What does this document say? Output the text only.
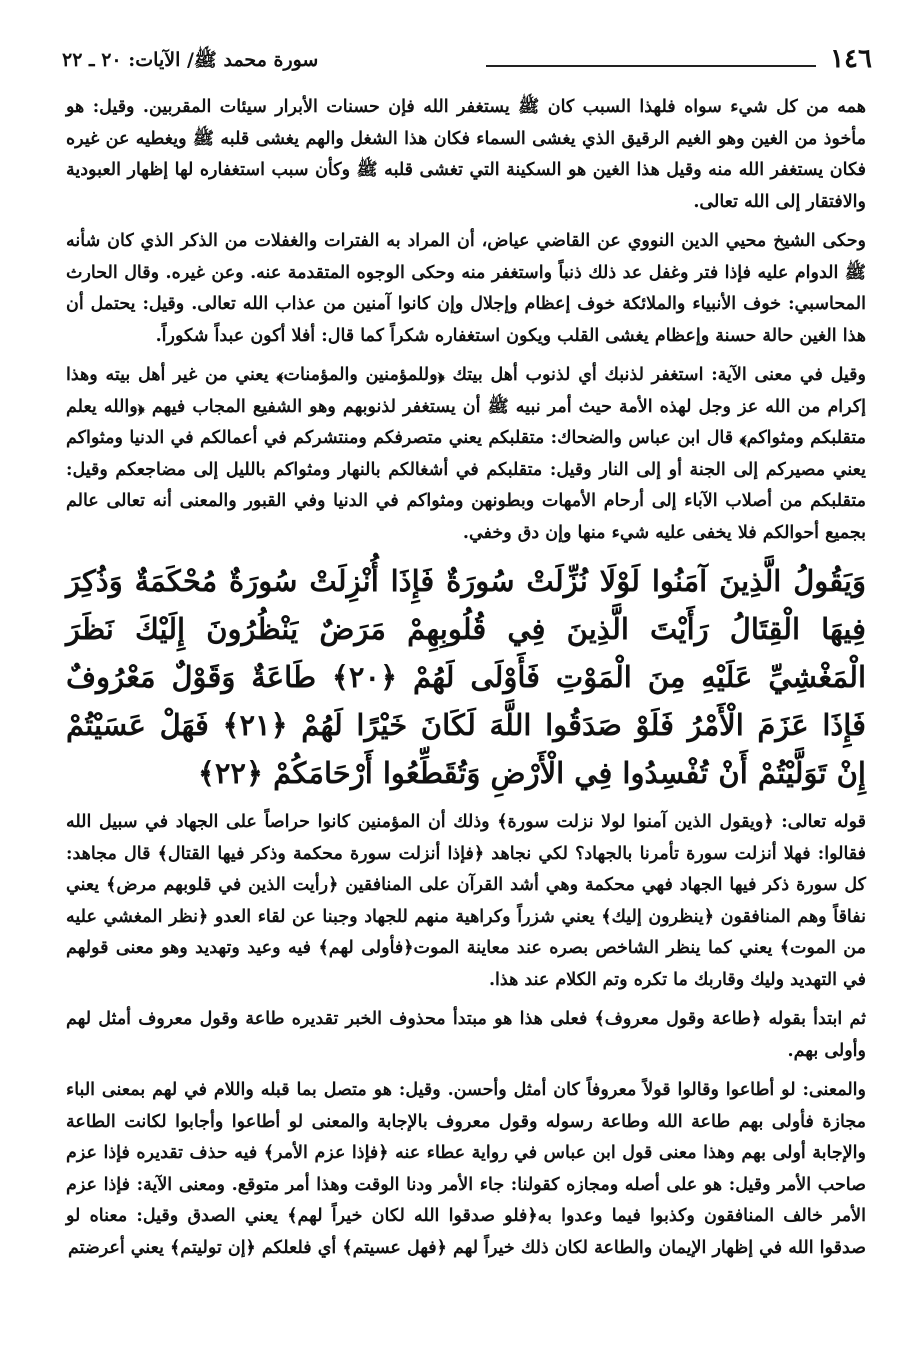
١٤٦
سورة محمد ﷺ/ الآيات: ٢٠ ـ ٢٢

همه من كل شيء سواه فلهذا السبب كان ﷺ يستغفر الله فإن حسنات الأبرار سيئات المقربين. وقيل: هو مأخوذ من الغين وهو الغيم الرقيق الذي يغشى السماء فكان هذا الشغل والهم يغشى قلبه ﷺ ويغطيه عن غيره فكان يستغفر الله منه وقيل هذا الغين هو السكينة التي تغشى قلبه ﷺ وكأن سبب استغفاره لها إظهار العبودية والافتقار إلى الله تعالى.

وحكى الشيخ محيي الدين النووي عن القاضي عياض، أن المراد به الفترات والغفلات من الذكر الذي كان شأنه ﷺ الدوام عليه فإذا فتر وغفل عد ذلك ذنباً واستغفر منه وحكى الوجوه المتقدمة عنه. وعن غيره. وقال الحارث المحاسبي: خوف الأنبياء والملائكة خوف إعظام وإجلال وإن كانوا آمنين من عذاب الله تعالى. وقيل: يحتمل أن هذا الغين حالة حسنة وإعظام يغشى القلب ويكون استغفاره شكراً كما قال: أفلا أكون عبداً شكوراً.

وقيل في معنى الآية: استغفر لذنبك أي لذنوب أهل بيتك ﴿وللمؤمنين والمؤمنات﴾ يعني من غير أهل بيته وهذا إكرام من الله عز وجل لهذه الأمة حيث أمر نبيه ﷺ أن يستغفر لذنوبهم وهو الشفيع المجاب فيهم ﴿والله يعلم متقلبكم ومثواكم﴾ قال ابن عباس والضحاك: متقلبكم يعني متصرفكم ومنتشركم في أعمالكم في الدنيا ومثواكم يعني مصيركم إلى الجنة أو إلى النار وقيل: متقلبكم في أشغالكم بالنهار ومثواكم بالليل إلى مضاجعكم وقيل: متقلبكم من أصلاب الآباء إلى أرحام الأمهات وبطونهن ومثواكم في الدنيا وفي القبور والمعنى أنه تعالى عالم بجميع أحوالكم فلا يخفى عليه شيء منها وإن دق وخفي.

وَيَقُولُ الَّذِينَ آمَنُوا لَوْلَا نُزِّلَتْ سُورَةٌ فَإِذَا أُنْزِلَتْ سُورَةٌ مُحْكَمَةٌ وَذُكِرَ فِيهَا الْقِتَالُ رَأَيْتَ الَّذِينَ فِي قُلُوبِهِمْ مَرَضٌ يَنْظُرُونَ إِلَيْكَ نَظَرَ الْمَغْشِيِّ عَلَيْهِ مِنَ الْمَوْتِ فَأَوْلَى لَهُمْ ﴿٢٠﴾ طَاعَةٌ وَقَوْلٌ مَعْرُوفٌ فَإِذَا عَزَمَ الْأَمْرُ فَلَوْ صَدَقُوا اللَّهَ لَكَانَ خَيْرًا لَهُمْ ﴿٢١﴾ فَهَلْ عَسَيْتُمْ إِنْ تَوَلَّيْتُمْ أَنْ تُفْسِدُوا فِي الْأَرْضِ وَتُقَطِّعُوا أَرْحَامَكُمْ ﴿٢٢﴾

قوله تعالى: ﴿ويقول الذين آمنوا لولا نزلت سورة﴾ وذلك أن المؤمنين كانوا حراصاً على الجهاد في سبيل الله فقالوا: فهلا أنزلت سورة تأمرنا بالجهاد؟ لكي نجاهد ﴿فإذا أنزلت سورة محكمة وذكر فيها القتال﴾ قال مجاهد: كل سورة ذكر فيها الجهاد فهي محكمة وهي أشد القرآن على المنافقين ﴿رأيت الذين في قلوبهم مرض﴾ يعني نفاقاً وهم المنافقون ﴿ينظرون إليك﴾ يعني شزراً وكراهية منهم للجهاد وجبنا عن لقاء العدو ﴿نظر المغشي عليه من الموت﴾ يعني كما ينظر الشاخص بصره عند معاينة الموت﴿فأولى لهم﴾ فيه وعيد وتهديد وهو معنى قولهم في التهديد وليك وقاربك ما تكره وتم الكلام عند هذا.

ثم ابتدأ بقوله ﴿طاعة وقول معروف﴾ فعلى هذا هو مبتدأ محذوف الخبر تقديره طاعة وقول معروف أمثل لهم وأولى بهم.

والمعنى: لو أطاعوا وقالوا قولاً معروفاً كان أمثل وأحسن. وقيل: هو متصل بما قبله واللام في لهم بمعنى الباء مجازة فأولى بهم طاعة الله وطاعة رسوله وقول معروف بالإجابة والمعنى لو أطاعوا وأجابوا لكانت الطاعة والإجابة أولى بهم وهذا معنى قول ابن عباس في رواية عطاء عنه ﴿فإذا عزم الأمر﴾ فيه حذف تقديره فإذا عزم صاحب الأمر وقيل: هو على أصله ومجازه كقولنا: جاء الأمر ودنا الوقت وهذا أمر متوقع. ومعنى الآية: فإذا عزم الأمر خالف المنافقون وكذبوا فيما وعدوا به﴿فلو صدقوا الله لكان خيراً لهم﴾ يعني الصدق وقيل: معناه لو صدقوا الله في إظهار الإيمان والطاعة لكان ذلك خيراً لهم ﴿فهل عسيتم﴾ أي فلعلكم ﴿إن توليتم﴾ يعني أعرضتم
